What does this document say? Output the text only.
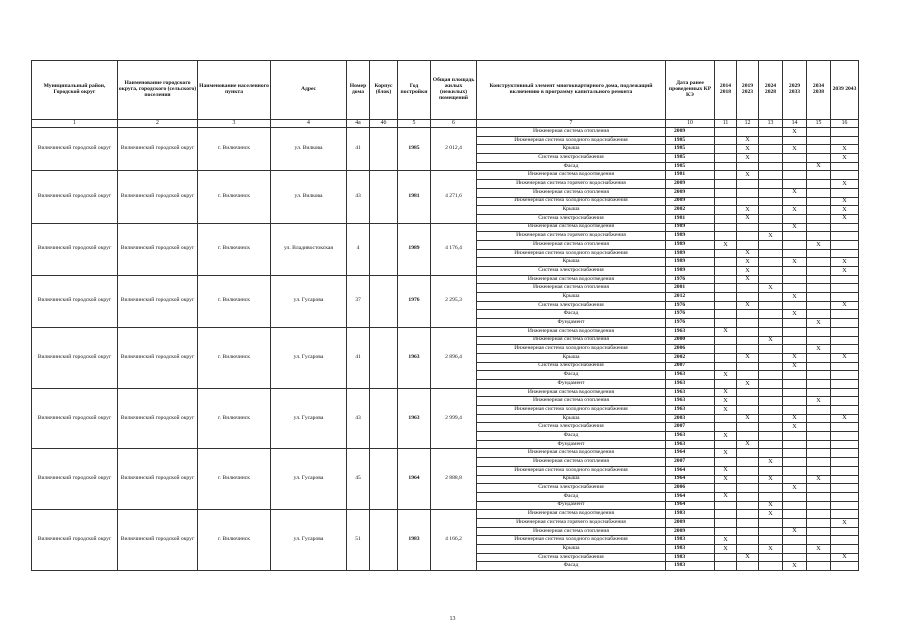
Муниципальный район, Городской округ	Наименование городского округа, городского (сельского) поселения	Наименование населенного пункта	Адрес	Номер дома	Корпус (блок)	Год постройки	Общая площадь жилых (нежилых) помещений	Конструктивный элемент многоквартирного дома, подлежащий включению в программу капитального ремонта	Дата ранее проведенных КР КЭ	2014 2018	2019 2023	2024 2028	2029 2033	2034 2038	2039 2043
1	2	3	4	4а	4б	5	6	7	10	11	12	13	14	15	16
Вилючинский городской округ	Вилючинский городской округ	г. Вилючинск	ул. Вилкова	41		1985	2 012,4	Инженерная система отопления	2009				X		
								Инженерная система холодного водоснабжения	1985		X				
								Крыша	1985		X		X		X
								Система электроснабжения	1985		X				X
								Фасад	1985					X	
Вилючинский городской округ	Вилючинский городской округ	г. Вилючинск	ул. Вилкова	43		1981	4 271,6	Инженерная система водоотведения	1981		X				
								Инженерная система горячего водоснабжения	2009						X
								Инженерная система отопления	2009				X		
								Инженерная система холодного водоснабжения	2009						X
								Крыша	2002		X		X		X
								Система электроснабжения	1981		X				X
Вилючинский городской округ	Вилючинский городской округ	г. Вилючинск	ул. Владивостокская	4		1989	4 176,4	Инженерная система водоотведения	1989				X		
								Инженерная система горячего водоснабжения	1989			X			
								Инженерная система отопления	1989	X				X	
								Инженерная система холодного водоснабжения	1989		X				
								Крыша	1989		X		X		X
								Система электроснабжения	1989		X				X
Вилючинский городской округ	Вилючинский городской округ	г. Вилючинск	ул. Гусарова	37		1976	2 295,3	Инженерная система водоотведения	1976		X				
								Инженерная система отопления	2001			X			
								Крыша	2012				X		
								Система электроснабжения	1976		X				X
								Фасад	1976				X		
								Фундамент	1976					X	
Вилючинский городской округ	Вилючинский городской округ	г. Вилючинск	ул. Гусарова	41		1963	2 896,4	Инженерная система водоотведения	1963	X					
								Инженерная система отопления	2000			X			
								Инженерная система холодного водоснабжения	2006					X	
								Крыша	2002		X		X		X
								Система электроснабжения	2007				X		
								Фасад	1963	X					
								Фундамент	1963		X				
Вилючинский городской округ	Вилючинский городской округ	г. Вилючинск	ул. Гусарова	43		1963	2 999,4	Инженерная система водоотведения	1963	X					
								Инженерная система отопления	1963	X				X	
								Инженерная система холодного водоснабжения	1963	X					
								Крыша	2003		X		X		X
								Система электроснабжения	2007				X		
								Фасад	1963	X					
								Фундамент	1963		X				
Вилючинский городской округ	Вилючинский городской округ	г. Вилючинск	ул. Гусарова	45		1964	2 888,8	Инженерная система водоотведения	1964	X					
								Инженерная система отопления	2007			X			
								Инженерная система холодного водоснабжения	1964	X					
								Крыша	1964	X		X		X	
								Система электроснабжения	2006				X		
								Фасад	1964	X					
								Фундамент	1964			X			
Вилючинский городской округ	Вилючинский городской округ	г. Вилючинск	ул. Гусарова	51		1983	4 166,2	Инженерная система водоотведения	1983			X			
								Инженерная система горячего водоснабжения	2009						X
								Инженерная система отопления	2009				X		
								Инженерная система холодного водоснабжения	1983	X					
								Крыша	1983	X		X		X	
								Система электроснабжения	1983		X				X
								Фасад	1983				X		
13
